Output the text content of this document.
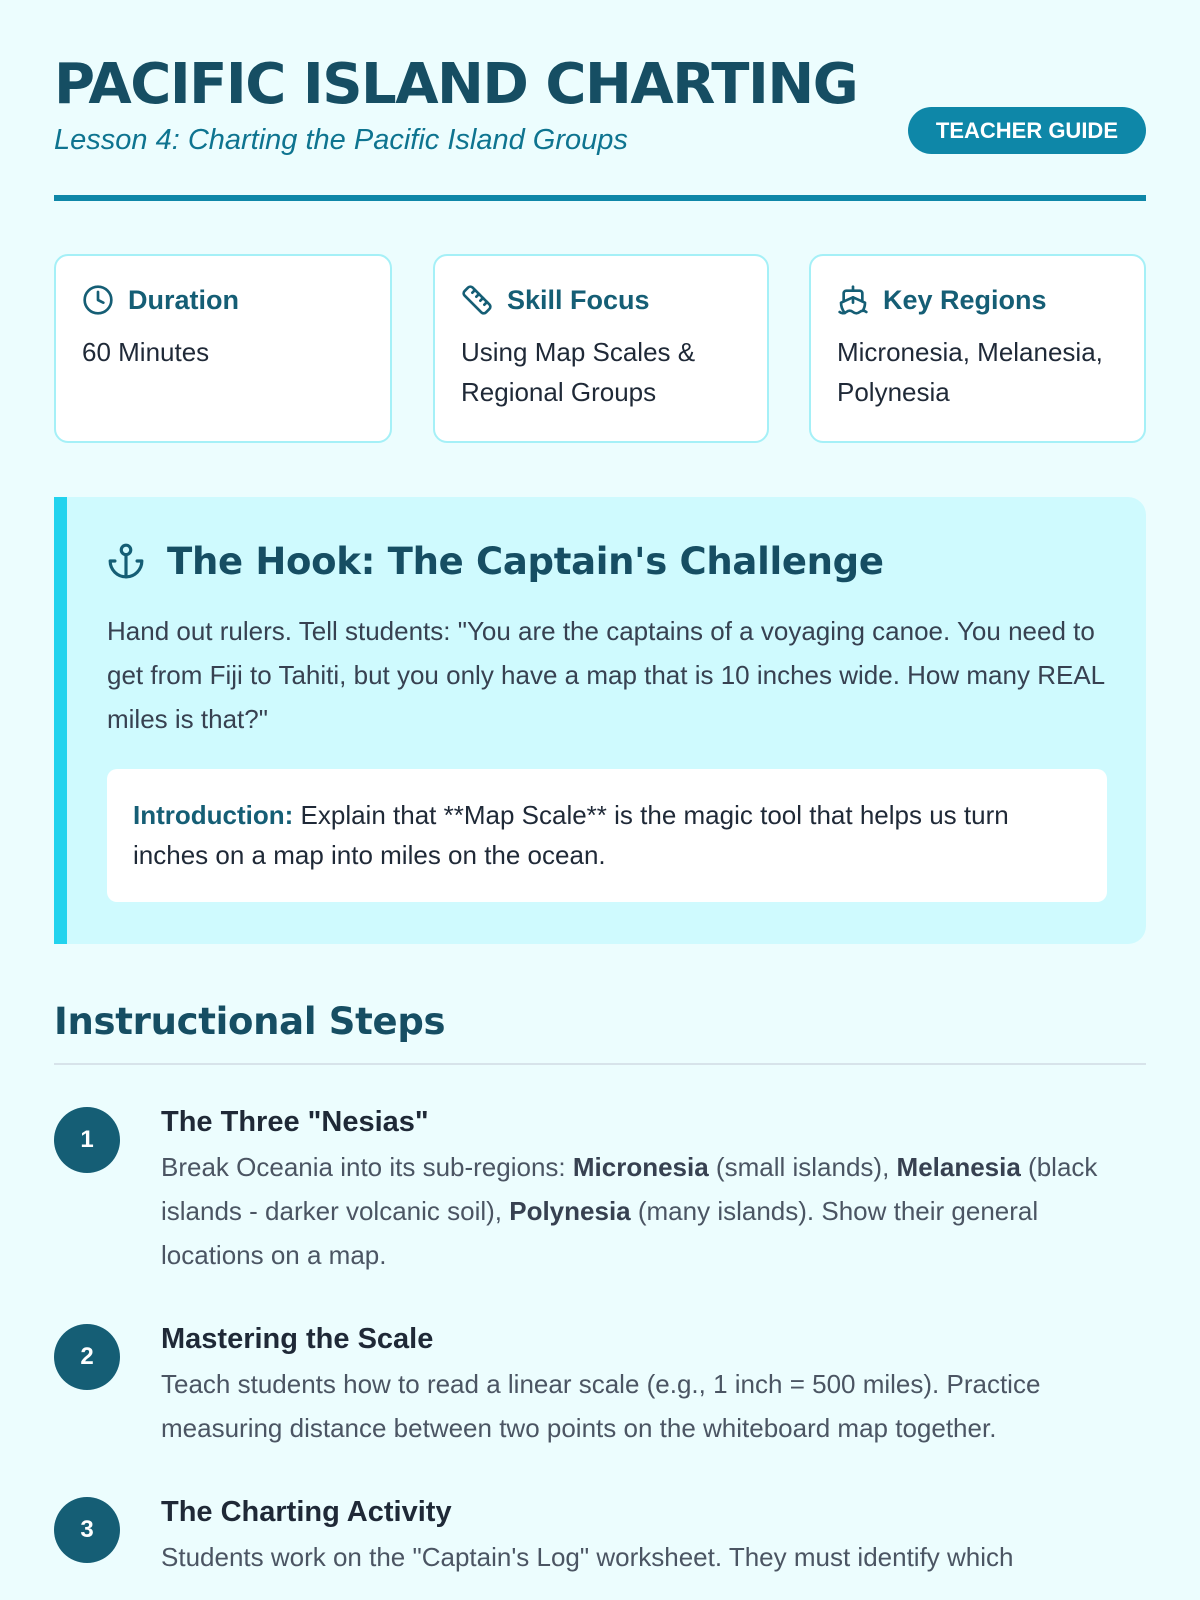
PACIFIC ISLAND CHARTING
Lesson 4: Charting the Pacific Island Groups	TEACHER GUIDE
Duration
60 Minutes
Skill Focus
Using Map Scales & Regional Groups
Key Regions
Micronesia, Melanesia, Polynesia
The Hook: The Captain's Challenge

Hand out rulers. Tell students: "You are the captains of a voyaging canoe. You need to get from Fiji to Tahiti, but you only have a map that is 10 inches wide. How many REAL miles is that?"

Introduction: Explain that **Map Scale** is the magic tool that helps us turn inches on a map into miles on the ocean.
Instructional Steps
1
The Three "Nesias"

Break Oceania into its sub-regions: Micronesia (small islands), Melanesia (black islands - darker volcanic soil), Polynesia (many islands). Show their general locations on a map.

2
Mastering the Scale

Teach students how to read a linear scale (e.g., 1 inch = 500 miles). Practice measuring distance between two points on the whiteboard map together.

3
The Charting Activity

Students work on the "Captain's Log" worksheet. They must identify which
